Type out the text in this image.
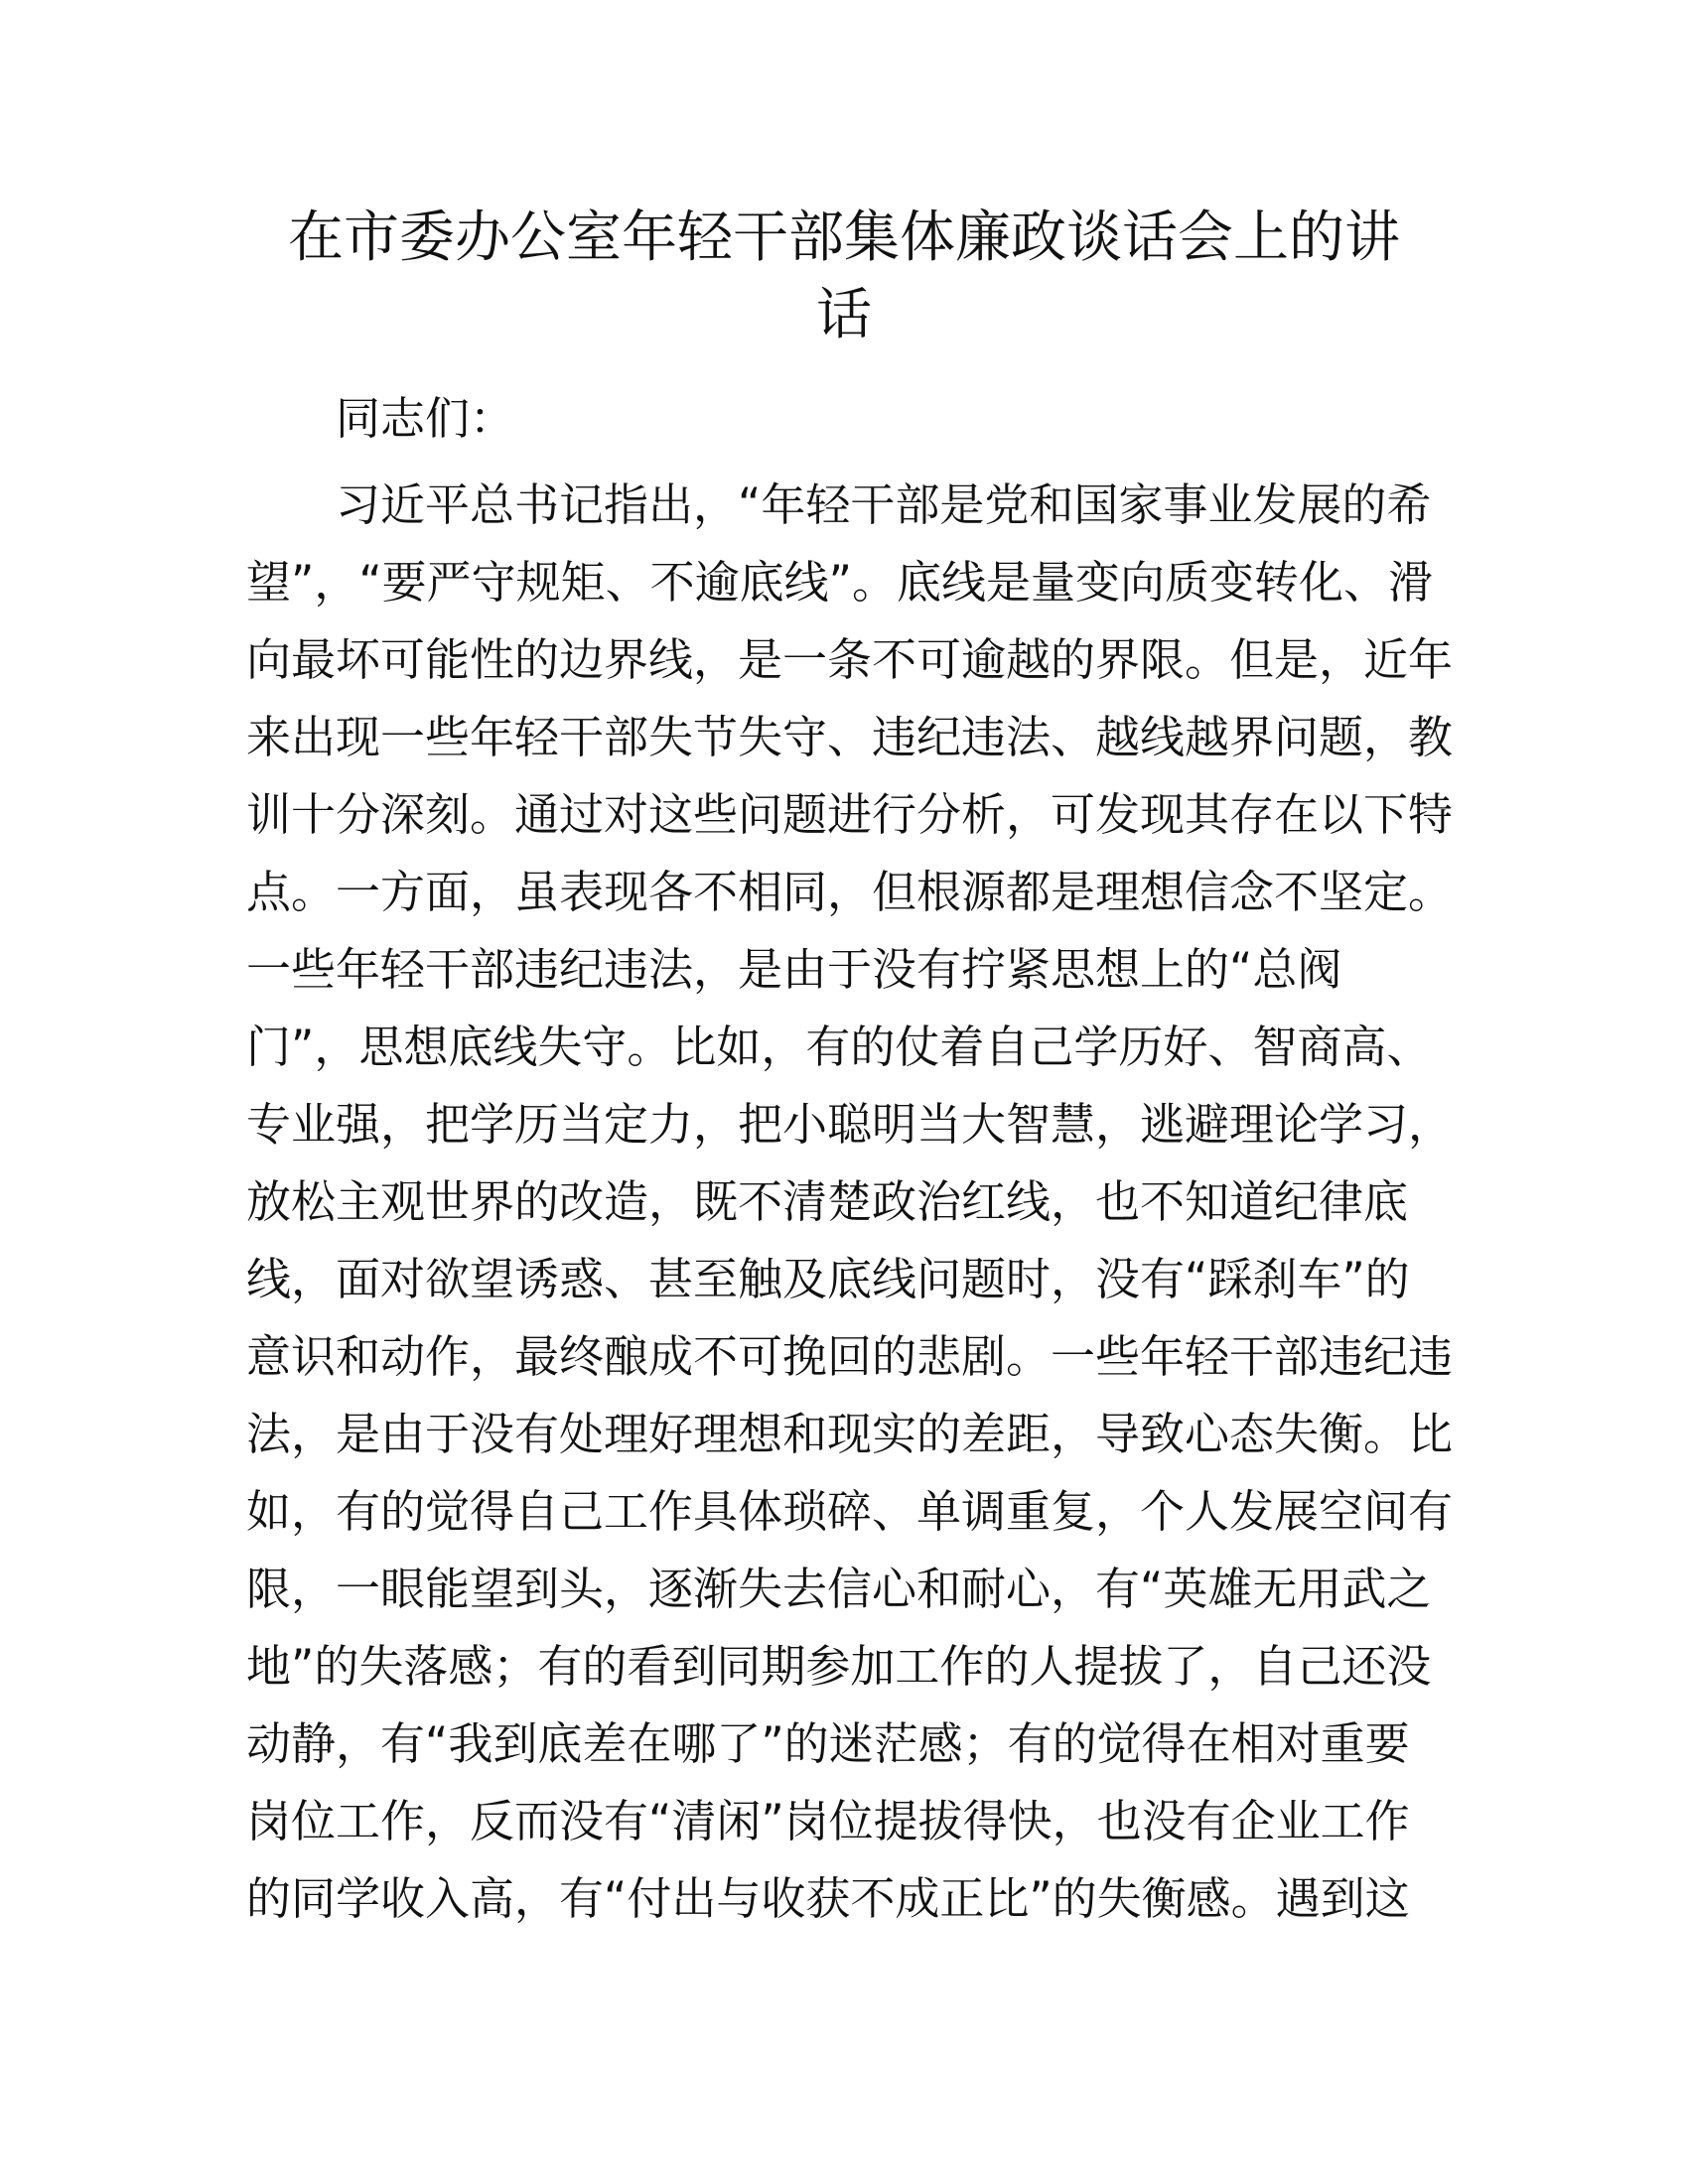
在市委办公室年轻干部集体廉政谈话会上的讲
话
同志们：
习近平总书记指出，“年轻干部是党和国家事业发展的希
望”，“要严守规矩、不逾底线”。底线是量变向质变转化、滑
向最坏可能性的边界线，是一条不可逾越的界限。但是，近年
来出现一些年轻干部失节失守、违纪违法、越线越界问题，教
训十分深刻。通过对这些问题进行分析，可发现其存在以下特
点。一方面，虽表现各不相同，但根源都是理想信念不坚定。
一些年轻干部违纪违法，是由于没有拧紧思想上的“总阀
门”，思想底线失守。比如，有的仗着自己学历好、智商高、
专业强，把学历当定力，把小聪明当大智慧，逃避理论学习，
放松主观世界的改造，既不清楚政治红线，也不知道纪律底
线，面对欲望诱惑、甚至触及底线问题时，没有“踩刹车”的
意识和动作，最终酿成不可挽回的悲剧。一些年轻干部违纪违
法，是由于没有处理好理想和现实的差距，导致心态失衡。比
如，有的觉得自己工作具体琐碎、单调重复，个人发展空间有
限，一眼能望到头，逐渐失去信心和耐心，有“英雄无用武之
地”的失落感；有的看到同期参加工作的人提拔了，自己还没
动静，有“我到底差在哪了”的迷茫感；有的觉得在相对重要
岗位工作，反而没有“清闲”岗位提拔得快，也没有企业工作
的同学收入高，有“付出与收获不成正比”的失衡感。遇到这
